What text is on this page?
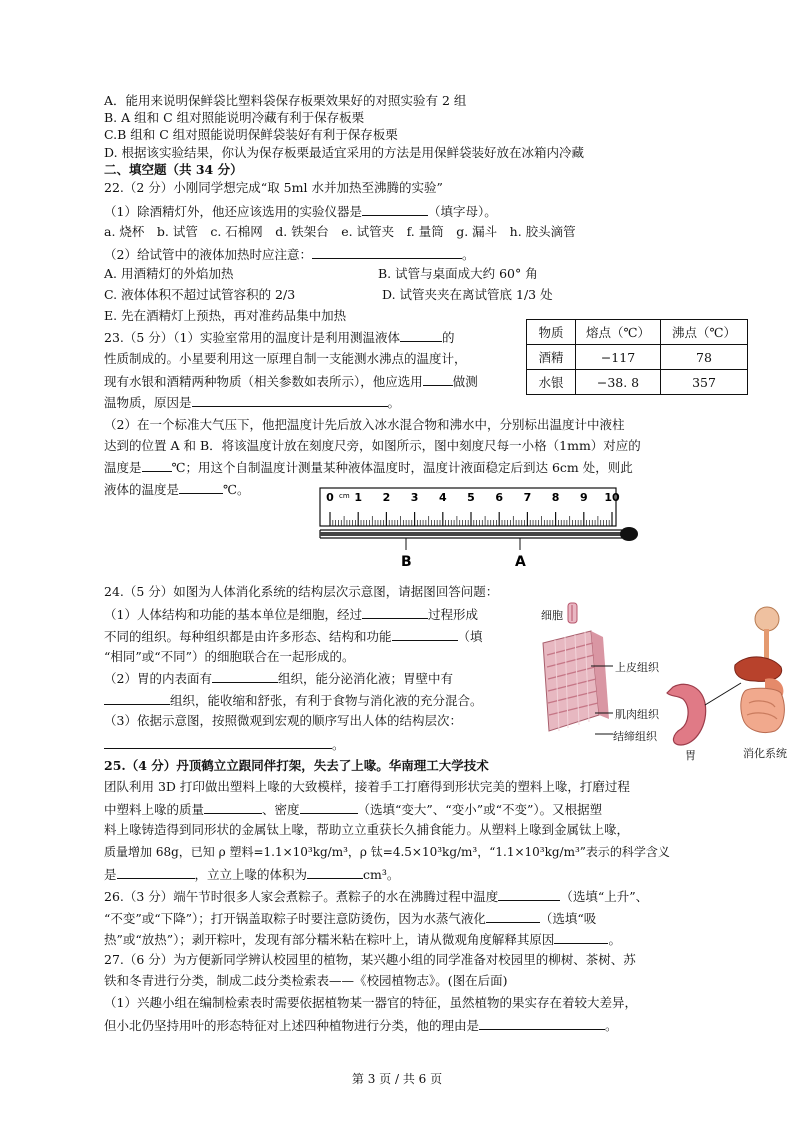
A．能用来说明保鲜袋比塑料袋保存板栗效果好的对照实验有 2 组
B. A 组和 C 组对照能说明冷藏有利于保存板栗
C.B 组和 C 组对照能说明保鲜袋装好有利于保存板栗
D. 根据该实验结果，你认为保存板栗最适宜采用的方法是用保鲜袋装好放在冰箱内冷藏
二、填空题（共 34 分）
22.（2 分）小刚同学想完成“取 5ml 水并加热至沸腾的实验”
（1）除酒精灯外，他还应该选用的实验仪器是	（填字母）。
a. 烧杯　b. 试管　c. 石棉网　d. 铁架台　e. 试管夹　f. 量筒　g. 漏斗　h. 胶头滴管
（2）给试管中的液体加热时应注意：	。
A. 用酒精灯的外焰加热	B. 试管与桌面成大约 60° 角
C. 液体体积不超过试管容积的 2/3	D. 试管夹夹在离试管底 1/3 处
E. 先在酒精灯上预热，再对准药品集中加热
23.（5 分）（1）实验室常用的温度计是利用测温液体	的
性质制成的。小星要利用这一原理自制一支能测水沸点的温度计，
现有水银和酒精两种物质（相关参数如表所示），他应选用 做测
温物质，原因是	。
物质	熔点（℃）	沸点（℃）
酒精	−117	78
水银	−38. 8	357
（2）在一个标准大气压下，他把温度计先后放入冰水混合物和沸水中，分别标出温度计中液柱
达到的位置 A 和 B．将该温度计放在刻度尺旁，如图所示，图中刻度尺每一小格（1mm）对应的
温度是 ℃；用这个自制温度计测量某种液体温度时，温度计液面稳定后到达 6cm 处，则此
液体的温度是	℃。
0 1 2 3 4 5 6 7 8 9 10
cm
B	A
24.（5 分）如图为人体消化系统的结构层次示意图，请据图回答问题：
（1）人体结构和功能的基本单位是细胞，经过	过程形成
不同的组织。每种组织都是由许多形态、结构和功能	（填
“相同”或“不同”）的细胞联合在一起形成的。
（2）胃的内表面有	组织，能分泌消化液；胃壁中有
组织，能收缩和舒张，有利于食物与消化液的充分混合。
（3）依据示意图，按照微观到宏观的顺序写出人体的结构层次：
。
细胞
上皮组织
肌肉组织
结缔组织
胃	消化系统
25.（4 分）丹顶鹤立立跟同伴打架，失去了上喙。华南理工大学技术
团队利用 3D 打印做出塑料上喙的大致模样，接着手工打磨得到形状完美的塑料上喙，打磨过程
中塑料上喙的质量	、密度	（选填“变大”、“变小”或“不变”）。又根据塑
料上喙铸造得到同形状的金属钛上喙，帮助立立重获长久捕食能力。从塑料上喙到金属钛上喙，
质量增加 68g，已知 ρ 塑料=1.1×10³kg/m³，ρ 钛=4.5×10³kg/m³，“1.1×10³kg/m³”表示的科学含义
是	，立立上喙的体积为	cm³。
26.（3 分）端午节时很多人家会煮粽子。煮粽子的水在沸腾过程中温度	（选填“上升”、
“不变”或“下降”）；打开锅盖取粽子时要注意防烫伤，因为水蒸气液化	（选填“吸
热”或“放热”）；剥开粽叶，发现有部分糯米粘在粽叶上，请从微观角度解释其原因	。
27.（6 分）为方便新同学辨认校园里的植物，某兴趣小组的同学准备对校园里的柳树、茶树、苏
铁和冬青进行分类，制成二歧分类检索表——《校园植物志》。(图在后面)
（1）兴趣小组在编制检索表时需要依据植物某一器官的特征，虽然植物的果实存在着较大差异，
但小北仍坚持用叶的形态特征对上述四种植物进行分类，他的理由是	。
第 3 页 / 共 6 页
